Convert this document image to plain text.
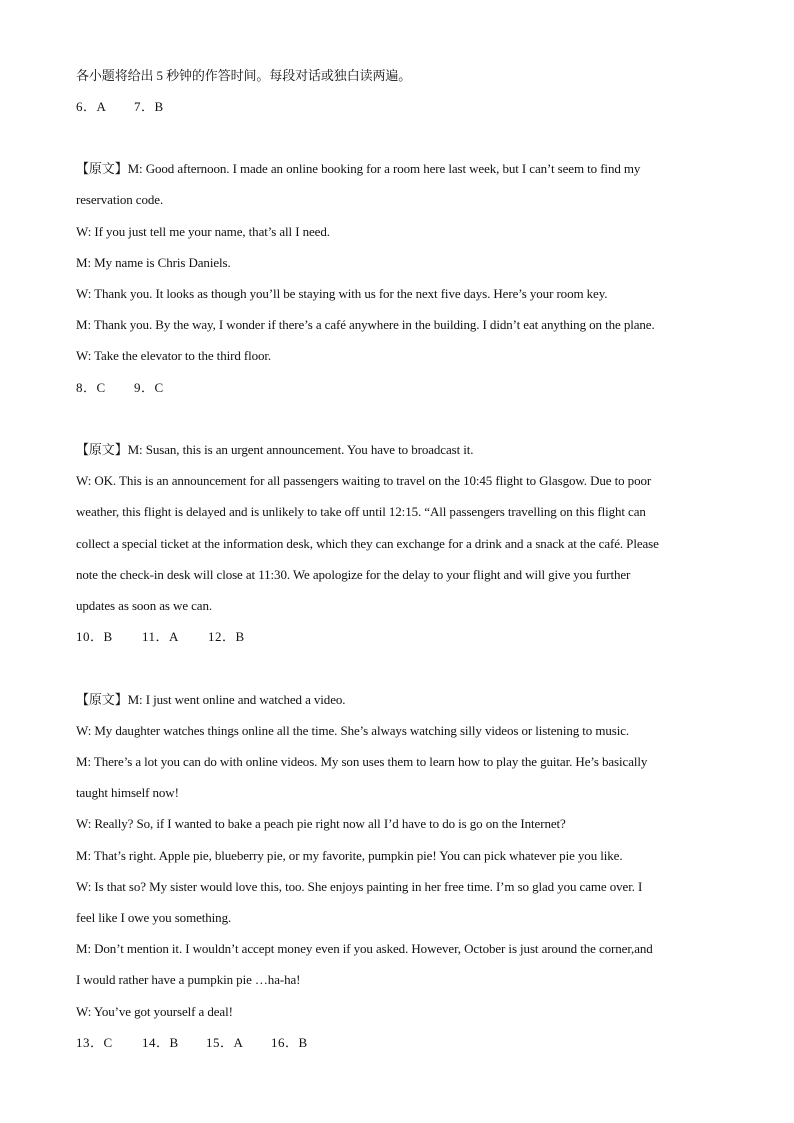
各小题将给出 5 秒钟的作答时间。每段对话或独白读两遍。
6．A 7．B
【原文】M: Good afternoon. I made an online booking for a room here last week, but I can’t seem to find my
reservation code.
W: If you just tell me your name, that’s all I need.
M: My name is Chris Daniels.
W: Thank you. It looks as though you’ll be staying with us for the next five days. Here’s your room key.
M: Thank you. By the way, I wonder if there’s a café anywhere in the building. I didn’t eat anything on the plane.
W: Take the elevator to the third floor.
8．C 9．C
【原文】M: Susan, this is an urgent announcement. You have to broadcast it.
W: OK. This is an announcement for all passengers waiting to travel on the 10:45 flight to Glasgow. Due to poor
weather, this flight is delayed and is unlikely to take off until 12:15. “All passengers travelling on this flight can
collect a special ticket at the information desk, which they can exchange for a drink and a snack at the café. Please
note the check-in desk will close at 11:30. We apologize for the delay to your flight and will give you further
updates as soon as we can.
10．B 11．A 12．B
【原文】M: I just went online and watched a video.
W: My daughter watches things online all the time. She’s always watching silly videos or listening to music.
M: There’s a lot you can do with online videos. My son uses them to learn how to play the guitar. He’s basically
taught himself now!
W: Really? So, if I wanted to bake a peach pie right now all I’d have to do is go on the Internet?
M: That’s right. Apple pie, blueberry pie, or my favorite, pumpkin pie! You can pick whatever pie you like.
W: Is that so? My sister would love this, too. She enjoys painting in her free time. I’m so glad you came over. I
feel like I owe you something.
M: Don’t mention it. I wouldn’t accept money even if you asked. However, October is just around the corner,and
I would rather have a pumpkin pie …ha-ha!
W: You’ve got yourself a deal!
13．C 14．B 15．A 16．B
